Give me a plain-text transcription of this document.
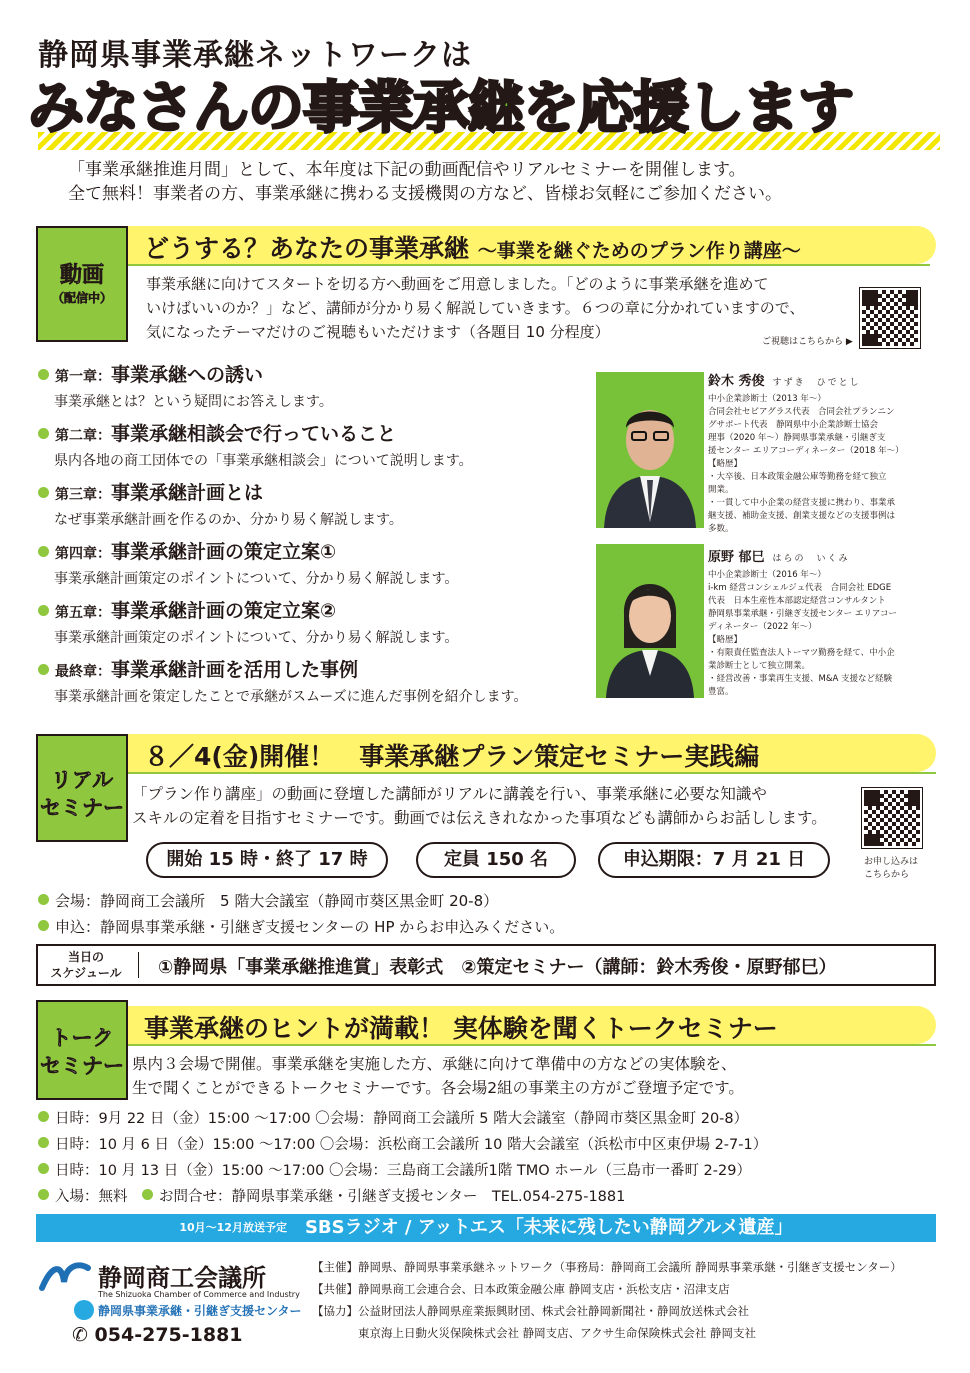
静岡県事業承継ネットワークは
みなさんの事業承継を応援します
「事業承継推進月間」として、本年度は下記の動画配信やリアルセミナーを開催します。
全て無料！事業者の方、事業承継に携わる支援機関の方など、皆様お気軽にご参加ください。
どうする？あなたの事業承継 ～事業を継ぐためのプラン作り講座～
動画
（配信中）
事業承継に向けてスタートを切る方へ動画をご用意しました。「どのように事業承継を進めて
いけばいいのか？」など、講師が分かり易く解説していきます。６つの章に分かれていますので、
気になったテーマだけのご視聴もいただけます（各題目 10 分程度）
ご視聴はこちらから ▶
第一章：事業承継への誘い
事業承継とは？という疑問にお答えします。
第二章：事業承継相談会で行っていること
県内各地の商工団体での「事業承継相談会」について説明します。
第三章：事業承継計画とは
なぜ事業承継計画を作るのか、分かり易く解説します。
第四章：事業承継計画の策定立案①
事業承継計画策定のポイントについて、分かり易く解説します。
第五章：事業承継計画の策定立案②
事業承継計画策定のポイントについて、分かり易く解説します。
最終章：事業承継計画を活用した事例
事業承継計画を策定したことで承継がスムーズに進んだ事例を紹介します。
鈴木 秀俊 すずき　ひでとし
中小企業診断士（2013 年～）
合同会社セピアグラス代表　合同会社プランニン
グサポート代表　静岡県中小企業診断士協会
理事（2020 年～）静岡県事業承継・引継ぎ支
援センター エリアコーディネーター（2018 年～）
【略歴】
・大卒後、日本政策金融公庫等勤務を経て独立
開業。
・一貫して中小企業の経営支援に携わり、事業承
継支援、補助金支援、創業支援などの支援事例は
多数。
原野 郁巳 はらの　いくみ
中小企業診断士（2016 年～）
i-km 経営コンシェルジュ代表　合同会社 EDGE
代表　日本生産性本部認定経営コンサルタント
静岡県事業承継・引継ぎ支援センター エリアコー
ディネーター（2022 年～）
【略歴】
・有限責任監査法人トーマツ勤務を経て、中小企
業診断士として独立開業。
・経営改善・事業再生支援、M&A 支援など経験
豊富。
８／4(金)開催！　事業承継プラン策定セミナー実践編
リアル
セミナー
「プラン作り講座」の動画に登壇した講師がリアルに講義を行い、事業承継に必要な知識や
スキルの定着を目指すセミナーです。動画では伝えきれなかった事項なども講師からお話しします。
開始 15 時・終了 17 時	定員 150 名	申込期限：7 月 21 日	お申し込みは
こちらから
会場：静岡商工会議所　5 階大会議室（静岡市葵区黒金町 20-8）
申込：静岡県事業承継・引継ぎ支援センターの HP からお申込みください。
当日の
スケジュール	①静岡県「事業承継推進賞」表彰式　②策定セミナー（講師：鈴木秀俊・原野郁巳）
事業承継のヒントが満載！ 実体験を聞くトークセミナー
トーク
セミナー 県内３会場で開催。事業承継を実施した方、承継に向けて準備中の方などの実体験を、
生で聞くことができるトークセミナーです。各会場2組の事業主の方がご登壇予定です。
日時：9月 22 日（金）15:00 ～17:00 〇会場：静岡商工会議所 5 階大会議室（静岡市葵区黒金町 20-8）
日時：10 月 6 日（金）15:00 ～17:00 〇会場：浜松商工会議所 10 階大会議室（浜松市中区東伊場 2-7-1）
日時：10 月 13 日（金）15:00 ～17:00 〇会場：三島商工会議所1階 TMO ホール（三島市一番町 2-29）
入場：無料　 お問合せ：静岡県事業承継・引継ぎ支援センター　TEL.054-275-1881
10月～12月放送予定 SBSラジオ / アットエス「未来に残したい静岡グルメ遺産」
静岡商工会議所
The Shizuoka Chamber of Commerce and Industry
静岡県事業承継・引継ぎ支援センター
✆ 054-275-1881
【主催】静岡県、静岡県事業承継ネットワーク（事務局：静岡商工会議所 静岡県事業承継・引継ぎ支援センター）
【共催】静岡県商工会連合会、日本政策金融公庫 静岡支店・浜松支店・沼津支店
【協力】公益財団法人静岡県産業振興財団、株式会社静岡新聞社・静岡放送株式会社
　　　　東京海上日動火災保険株式会社 静岡支店、アクサ生命保険株式会社 静岡支社
